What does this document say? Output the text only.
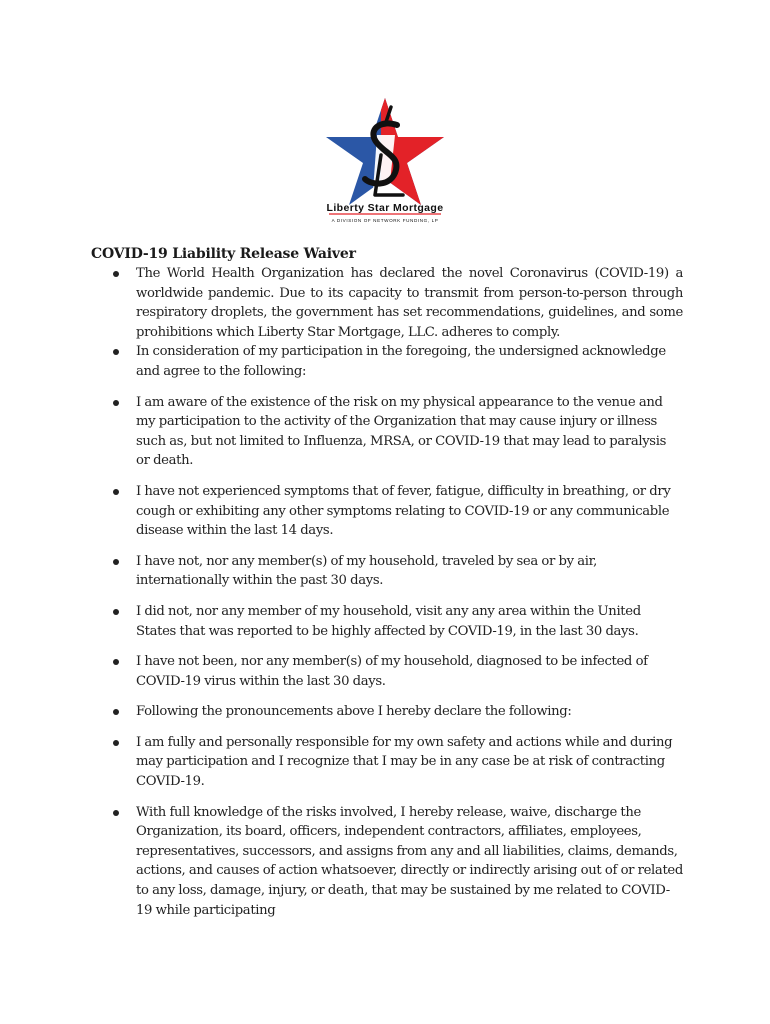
Liberty Star Mortgage
A DIVISION OF NETWORK FUNDING, LP
COVID-19 Liability Release Waiver
The World Health Organization has declared the novel Coronavirus (COVID-19) a worldwide pandemic. Due to its capacity to transmit from person-to-person through respiratory droplets, the government has set recommendations, guidelines, and some prohibitions which Liberty Star Mortgage, LLC. adheres to comply.
In consideration of my participation in the foregoing, the undersigned acknowledge and agree to the following:
I am aware of the existence of the risk on my physical appearance to the venue and my participation to the activity of the Organization that may cause injury or illness such as, but not limited to Influenza, MRSA, or COVID-19 that may lead to paralysis or death.
I have not experienced symptoms that of fever, fatigue, difficulty in breathing, or dry cough or exhibiting any other symptoms relating to COVID-19 or any communicable disease within the last 14 days.
I have not, nor any member(s) of my household, traveled by sea or by air, internationally within the past 30 days.
I did not, nor any member of my household, visit any any area within the United States that was reported to be highly affected by COVID-19, in the last 30 days.
I have not been, nor any member(s) of my household, diagnosed to be infected of COVID-19 virus within the last 30 days.
Following the pronouncements above I hereby declare the following:
I am fully and personally responsible for my own safety and actions while and during may participation and I recognize that I may be in any case be at risk of contracting COVID-19.
With full knowledge of the risks involved, I hereby release, waive, discharge the Organization, its board, officers, independent contractors, affiliates, employees, representatives, successors, and assigns from any and all liabilities, claims, demands, actions, and causes of action whatsoever, directly or indirectly arising out of or related to any loss, damage, injury, or death, that may be sustained by me related to COVID-19 while participating
